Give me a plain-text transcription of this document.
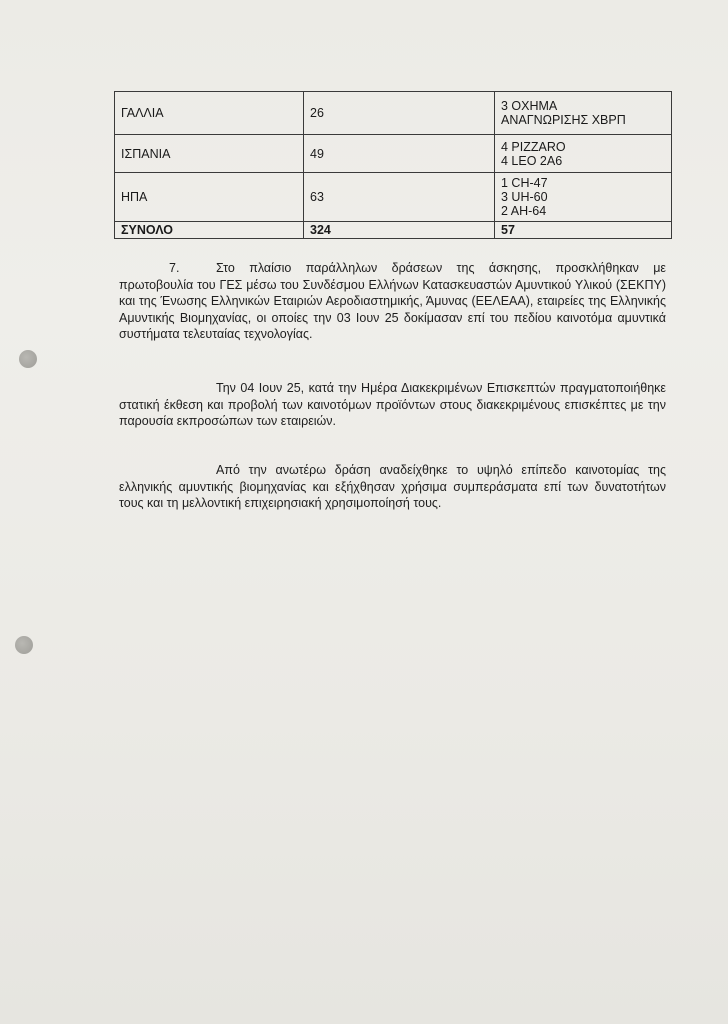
ΓΑΛΛΙΑ	26	3 ΟΧΗΜΑ
ΑΝΑΓΝΩΡΙΣΗΣ ΧΒΡΠ

ΙΣΠΑΝΙΑ	49	4 PIZZARO
4 LEO 2A6

ΗΠΑ	63	1 CH-47
3 UH-60
2 AH-64

ΣΥΝΟΛΟ	324	57
7.	Στο πλαίσιο παράλληλων δράσεων της άσκησης, προσκλήθηκαν με πρωτοβουλία του ΓΕΣ μέσω του Συνδέσμου Ελλήνων Κατασκευαστών Αμυντικού Υλικού (ΣΕΚΠΥ) και της Ένωσης Ελληνικών Εταιριών Αεροδιαστημικής, Άμυνας (ΕΕΛΕΑΑ), εταιρείες της Ελληνικής Αμυντικής Βιομηχανίας, οι οποίες την 03 Ιουν 25 δοκίμασαν επί του πεδίου καινοτόμα αμυντικά συστήματα τελευταίας τεχνολογίας.
Την 04 Ιουν 25, κατά την Ημέρα Διακεκριμένων Επισκεπτών πραγματοποιήθηκε στατική έκθεση και προβολή των καινοτόμων προϊόντων στους διακεκριμένους επισκέπτες με την παρουσία εκπροσώπων των εταιρειών.
Από την ανωτέρω δράση αναδείχθηκε το υψηλό επίπεδο καινοτομίας της ελληνικής αμυντικής βιομηχανίας και εξήχθησαν χρήσιμα συμπεράσματα επί των δυνατοτήτων τους και τη μελλοντική επιχειρησιακή χρησιμοποίησή τους.
